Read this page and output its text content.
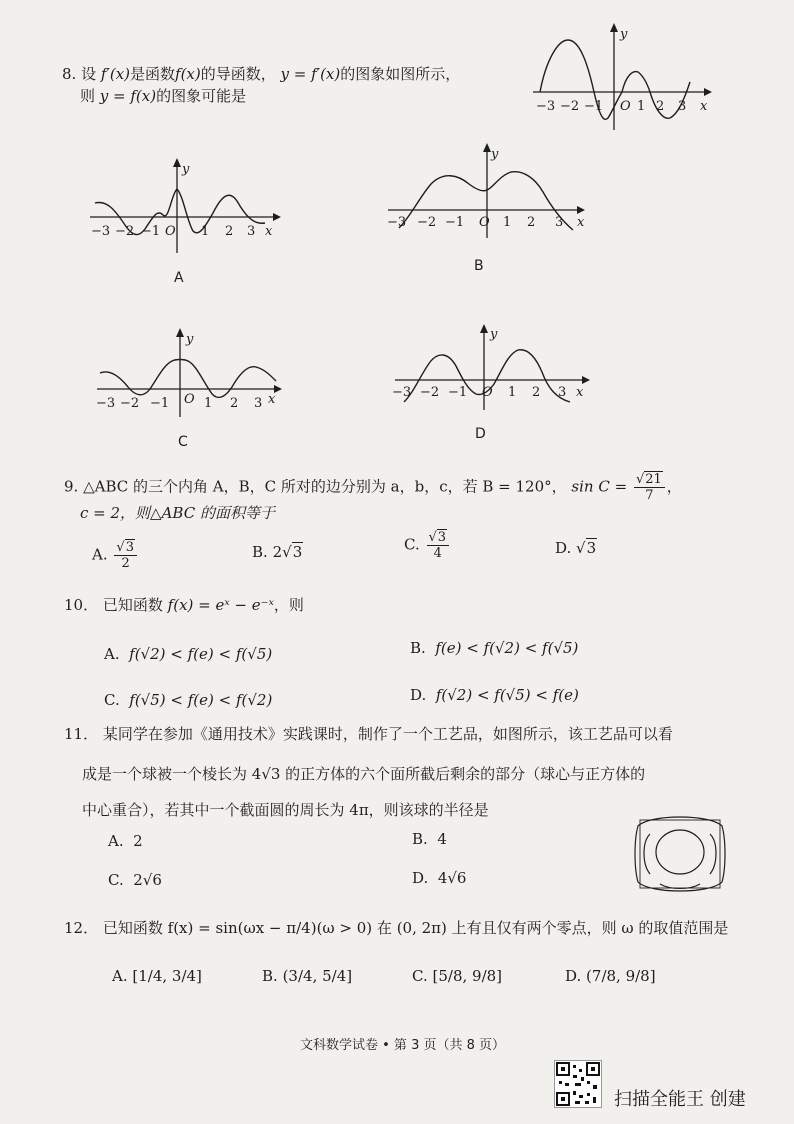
8. 设 f′(x)是函数f(x)的导函数， y = f′(x)的图象如图所示，
则 y = f(x)的图象可能是
y
x
O
−3 −2 −1	1 2 3
y
x
O
−3 −2 −1	1 2 3
A
y
x
O
−3 −2 −1	1 2 3
B
y
x
O
−3 −2 −1	1 2 3
C
y
x
O
−3 −2 −1	1 2 3
D
9. △ABC 的三个内角 A，B，C 所对的边分别为 a，b，c，若 B = 120°， $\sin C = \frac{√21}{7}$ ，
c = 2，则△ABC 的面积等于
A. $\frac{√3}{2}$	B. 2√3	C. $\frac{√3}{4}$	D. √3
10． 已知函数 f(x) = eˣ − e⁻ˣ，则
A. f(√2) < f(e) < f(√5)	B. f(e) < f(√2) < f(√5)
C. f(√5) < f(e) < f(√2)	D. f(√2) < f(√5) < f(e)
11． 某同学在参加《通用技术》实践课时，制作了一个工艺品，如图所示，该工艺品可以看
成是一个球被一个棱长为 4√3 的正方体的六个面所截后剩余的部分（球心与正方体的
中心重合），若其中一个截面圆的周长为 4π，则该球的半径是
A. 2	B. 4
C. 2√6	D. 4√6
12． 已知函数 f(x) = sin(ωx − π/4)(ω > 0) 在 (0, 2π) 上有且仅有两个零点，则 ω 的取值范围是
A. [1/4, 3/4]	B. (3/4, 5/4]	C. [5/8, 9/8]	D. (7/8, 9/8]
文科数学试卷 • 第 3 页（共 8 页）
扫描全能王 创建
